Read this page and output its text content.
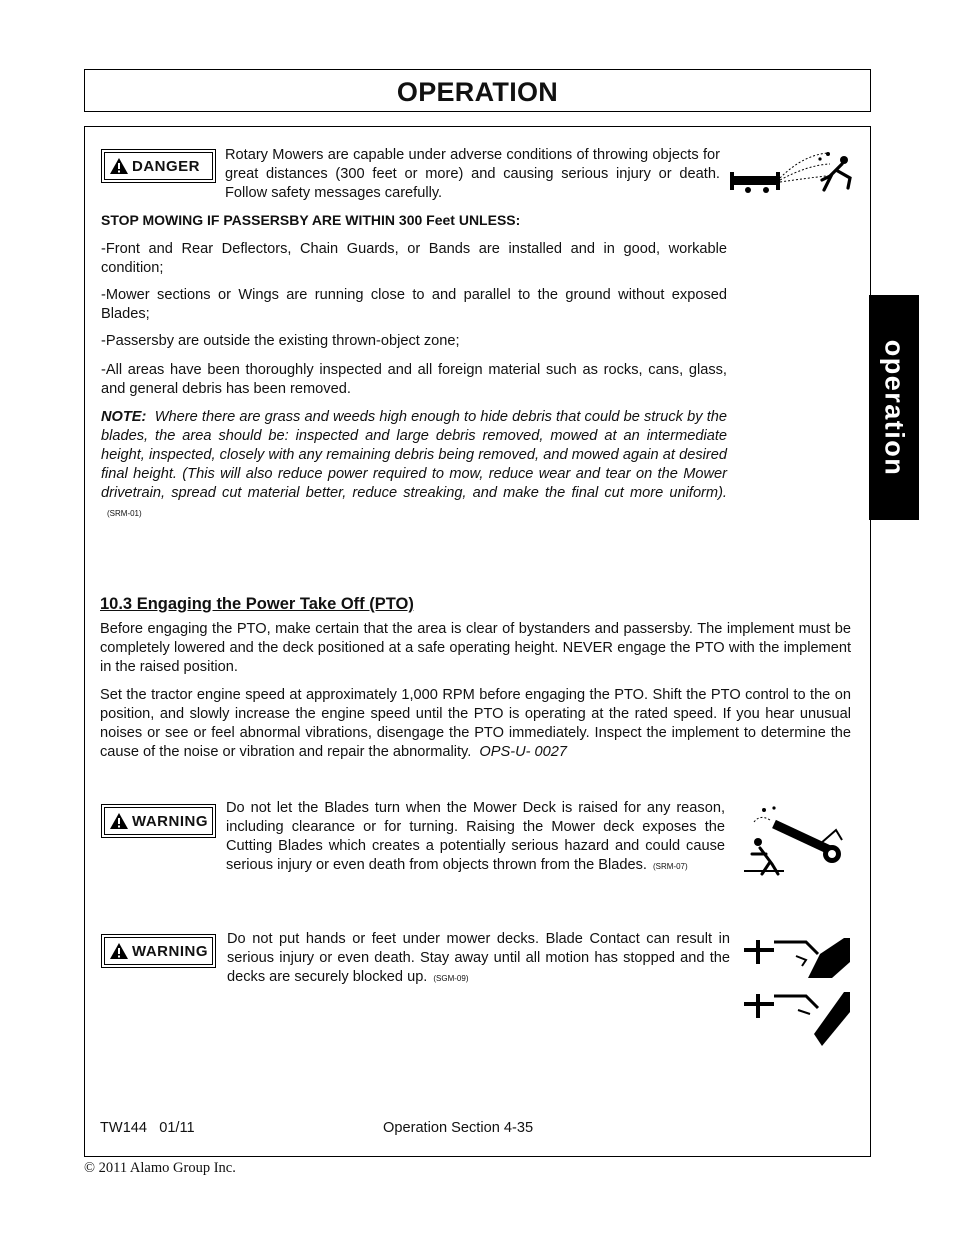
OPERATION
operation
DANGER
Rotary Mowers are capable under adverse conditions of throwing objects for great distances (300 feet or more) and causing serious injury or death. Follow safety messages carefully.
STOP MOWING IF PASSERSBY ARE WITHIN 300 Feet UNLESS:
-Front and Rear Deflectors, Chain Guards, or Bands are installed and in good, workable condition;
-Mower sections or Wings are running close to and parallel to the ground without exposed Blades;
-Passersby are outside the existing thrown-object zone;
-All areas have been thoroughly inspected and all foreign material such as rocks, cans, glass, and general debris has been removed.
NOTE: Where there are grass and weeds high enough to hide debris that could be struck by the blades, the area should be: inspected and large debris removed, mowed at an intermediate height, inspected, closely with any remaining debris being removed, and mowed again at desired final height. (This will also reduce power required to mow, reduce wear and tear on the Mower drivetrain, spread cut material better, reduce streaking, and make the final cut more uniform).(SRM-01)
10.3 Engaging the Power Take Off (PTO)
Before engaging the PTO, make certain that the area is clear of bystanders and passersby. The implement must be completely lowered and the deck positioned at a safe operating height. NEVER engage the PTO with the implement in the raised position.
Set the tractor engine speed at approximately 1,000 RPM before engaging the PTO. Shift the PTO control to the on position, and slowly increase the engine speed until the PTO is operating at the rated speed. If you hear unusual noises or see or feel abnormal vibrations, disengage the PTO immediately. Inspect the implement to determine the cause of the noise or vibration and repair the abnormality. OPS-U- 0027
WARNING
Do not let the Blades turn when the Mower Deck is raised for any reason, including clearance or for turning. Raising the Mower deck exposes the Cutting Blades which creates a potentially serious hazard and could cause serious injury or even death from objects thrown from the Blades. (SRM-07)
WARNING
Do not put hands or feet under mower decks. Blade Contact can result in serious injury or even death. Stay away until all motion has stopped and the decks are securely blocked up. (SGM-09)
TW144   01/11	Operation Section 4-35
© 2011 Alamo Group Inc.
